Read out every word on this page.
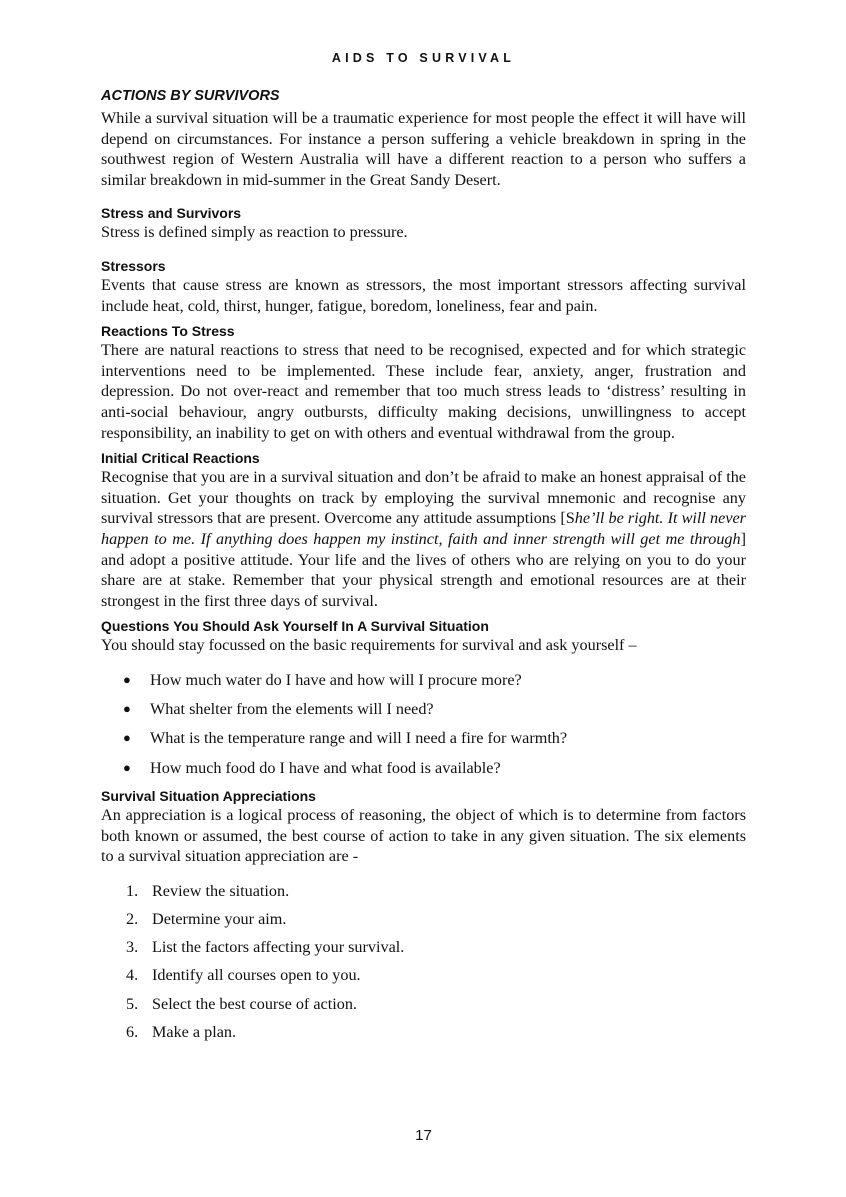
AIDS TO SURVIVAL
ACTIONS BY SURVIVORS

While a survival situation will be a traumatic experience for most people the effect it will have will depend on circumstances. For instance a person suffering a vehicle breakdown in spring in the southwest region of Western Australia will have a different reaction to a person who suffers a similar breakdown in mid-summer in the Great Sandy Desert.

Stress and Survivors

Stress is defined simply as reaction to pressure.

Stressors

Events that cause stress are known as stressors, the most important stressors affecting survival include heat, cold, thirst, hunger, fatigue, boredom, loneliness, fear and pain.

Reactions To Stress

There are natural reactions to stress that need to be recognised, expected and for which strategic interventions need to be implemented. These include fear, anxiety, anger, frustration and depression. Do not over-react and remember that too much stress leads to ‘distress’ resulting in anti-social behaviour, angry outbursts, difficulty making decisions, unwillingness to accept responsibility, an inability to get on with others and eventual withdrawal from the group.

Initial Critical Reactions

Recognise that you are in a survival situation and don’t be afraid to make an honest appraisal of the situation. Get your thoughts on track by employing the survival mnemonic and recognise any survival stressors that are present. Overcome any attitude assumptions [She’ll be right. It will never happen to me. If anything does happen my instinct, faith and inner strength will get me through] and adopt a positive attitude. Your life and the lives of others who are relying on you to do your share are at stake. Remember that your physical strength and emotional resources are at their strongest in the first three days of survival.

Questions You Should Ask Yourself In A Survival Situation

You should stay focussed on the basic requirements for survival and ask yourself –

● How much water do I have and how will I procure more?
● What shelter from the elements will I need?
● What is the temperature range and will I need a fire for warmth?
● How much food do I have and what food is available?

Survival Situation Appreciations

An appreciation is a logical process of reasoning, the object of which is to determine from factors both known or assumed, the best course of action to take in any given situation. The six elements to a survival situation appreciation are -

1. Review the situation.
2. Determine your aim.
3. List the factors affecting your survival.
4. Identify all courses open to you.
5. Select the best course of action.
6. Make a plan.
17
